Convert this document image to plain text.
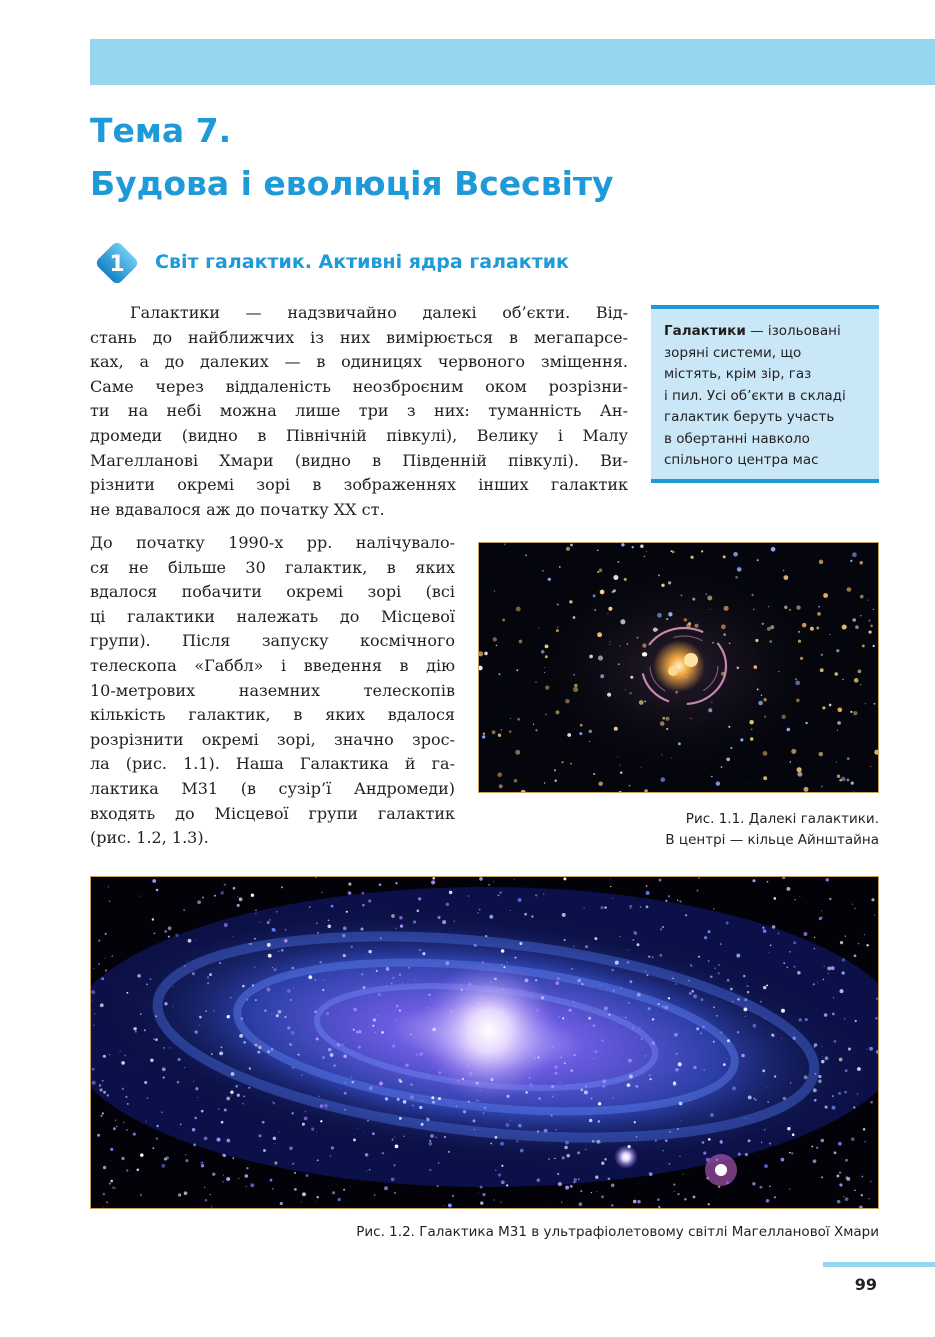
Тема 7.
Будова і еволюція Всесвіту
1 Світ галактик. Активні ядра галактик

Галактики — надзвичайно далекі об’єкти. Від-
стань до найближчих із них вимірюється в мегапарсе-
ках, а до далеких — в одиницях червоного зміщення.
Саме через віддаленість неозброєним оком розрізни-
ти на небі можна лише три з них: туманність Ан-
дромеди (видно в Північній півкулі), Велику і Малу
Магелланові Хмари (видно в Південній півкулі). Ви-
різнити окремі зорі в зображеннях інших галактик
не вдавалося аж до початку XX ст.

До початку 1990-х рр. налічувало-
ся не більше 30 галактик, в яких
вдалося побачити окремі зорі (всі
ці галактики належать до Місцевої
групи). Після запуску космічного
телескопа «Габбл» і введення в дію
10-метрових наземних телескопів
кількість галактик, в яких вдалося
розрізнити окремі зорі, значно зрос-
ла (рис. 1.1). Наша Галактика й га-
лактика М31 (в сузір’ї Андромеди)
входять до Місцевої групи галактик
(рис. 1.2, 1.3).

Галактики — ізольовані
зоряні системи, що
містять, крім зір, газ
і пил. Усі об’єкти в складі
галактик беруть участь
в обертанні навколо
спільного центра мас

Рис. 1.1. Далекі галактики.
В центрі — кільце Айнштайна

Рис. 1.2. Галактика М31 в ультрафіолетовому світлі Магелланової Хмари

99
